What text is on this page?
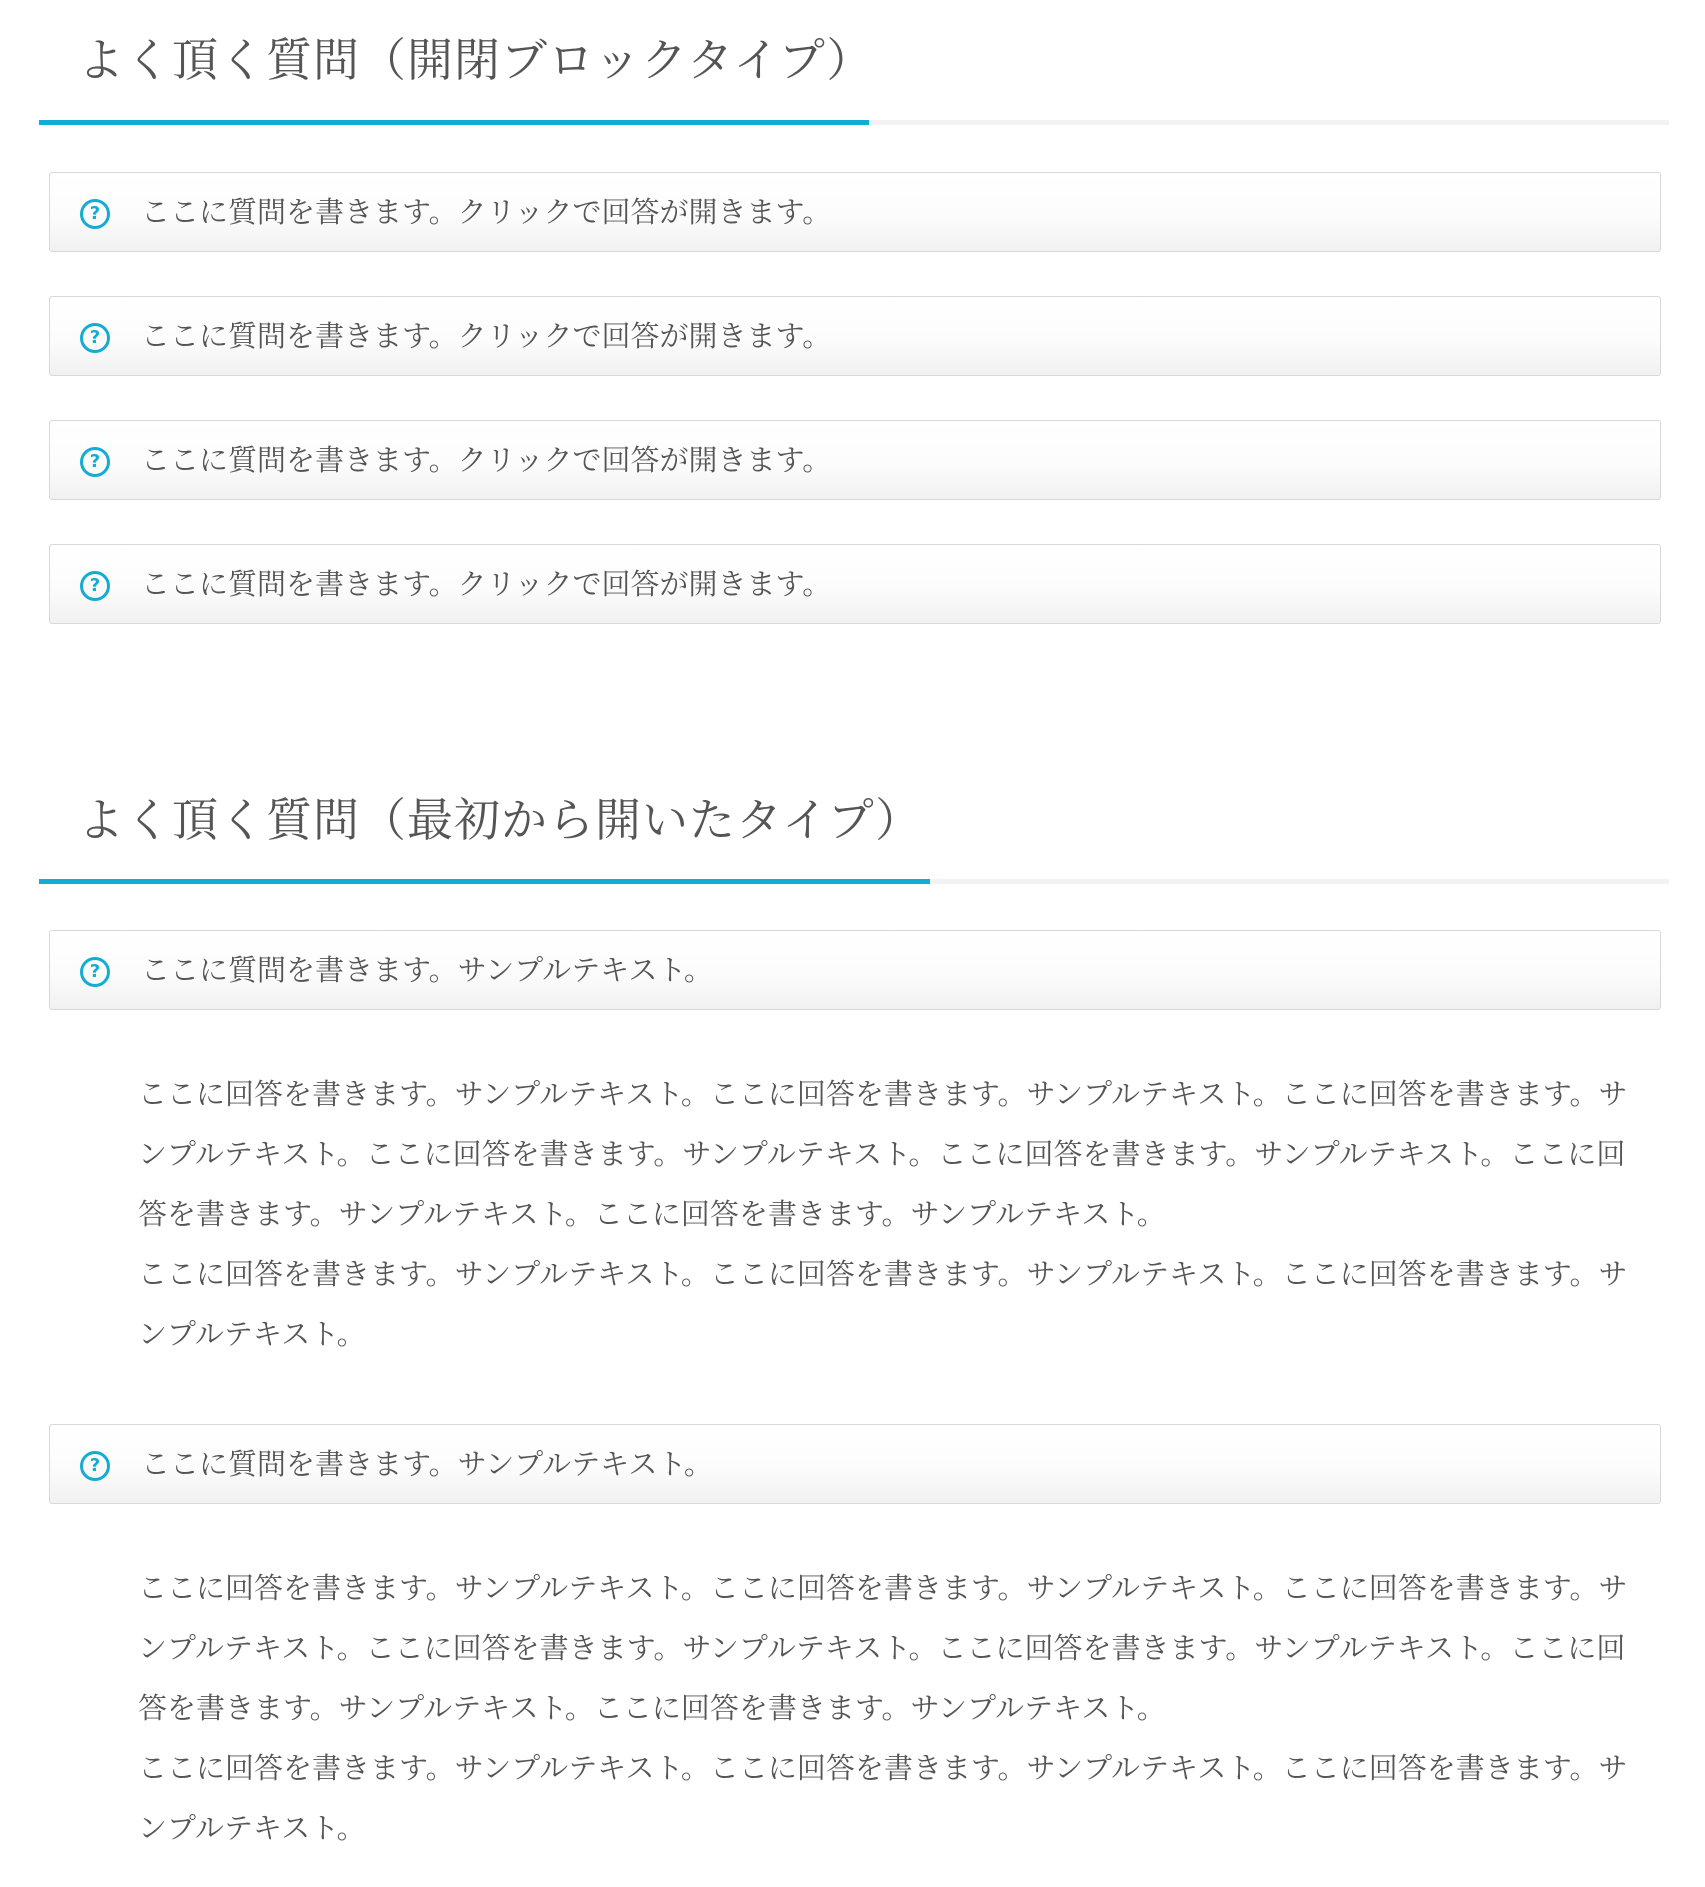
よく頂く質問（開閉ブロックタイプ）
?	ここに質問を書きます。クリックで回答が開きます。
?	ここに質問を書きます。クリックで回答が開きます。
?	ここに質問を書きます。クリックで回答が開きます。
?	ここに質問を書きます。クリックで回答が開きます。
よく頂く質問（最初から開いたタイプ）
?	ここに質問を書きます。サンプルテキスト。

ここに回答を書きます。サンプルテキスト。ここに回答を書きます。サンプルテキスト。ここに回答を書きます。サンプルテキスト。ここに回答を書きます。サンプルテキスト。ここに回答を書きます。サンプルテキスト。ここに回答を書きます。サンプルテキスト。ここに回答を書きます。サンプルテキスト。

ここに回答を書きます。サンプルテキスト。ここに回答を書きます。サンプルテキスト。ここに回答を書きます。サンプルテキスト。

?	ここに質問を書きます。サンプルテキスト。

ここに回答を書きます。サンプルテキスト。ここに回答を書きます。サンプルテキスト。ここに回答を書きます。サンプルテキスト。ここに回答を書きます。サンプルテキスト。ここに回答を書きます。サンプルテキスト。ここに回答を書きます。サンプルテキスト。ここに回答を書きます。サンプルテキスト。

ここに回答を書きます。サンプルテキスト。ここに回答を書きます。サンプルテキスト。ここに回答を書きます。サンプルテキスト。
